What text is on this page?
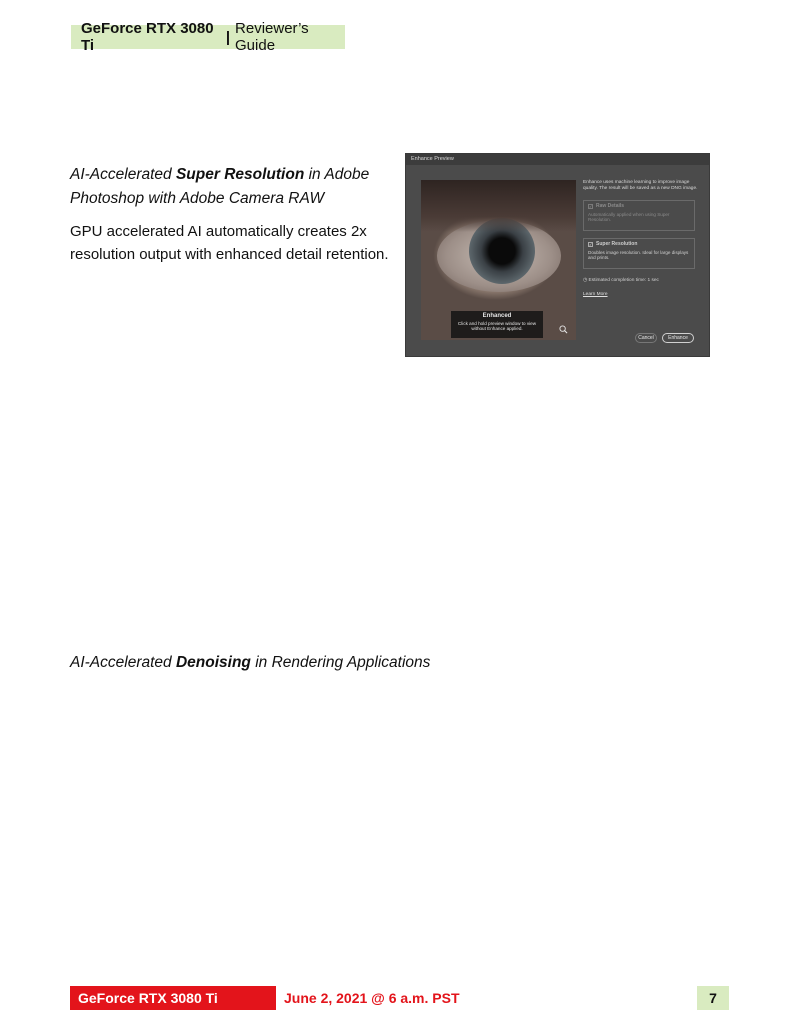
GeForce RTX 3080 Ti	| Reviewer’s Guide
AI-Accelerated Super Resolution in Adobe
Photoshop with Adobe Camera RAW
GPU accelerated AI automatically creates 2x resolution output with enhanced detail retention.
Enhance Preview
Enhanced
Click and hold preview window to view without Enhance applied.
Enhance uses machine learning to improve image quality. The result will be saved as a new DNG image.
✓ Raw Details
Automatically applied when using Super Resolution.
✓ Super Resolution
Doubles image resolution. Ideal for large displays and prints.
◷ Estimated completion time: 1 sec
Learn More
Cancel	Enhance
AI-Accelerated Denoising in Rendering Applications
GeForce RTX 3080 Ti Embargo
June 2, 2021 @ 6 a.m. PST	7
